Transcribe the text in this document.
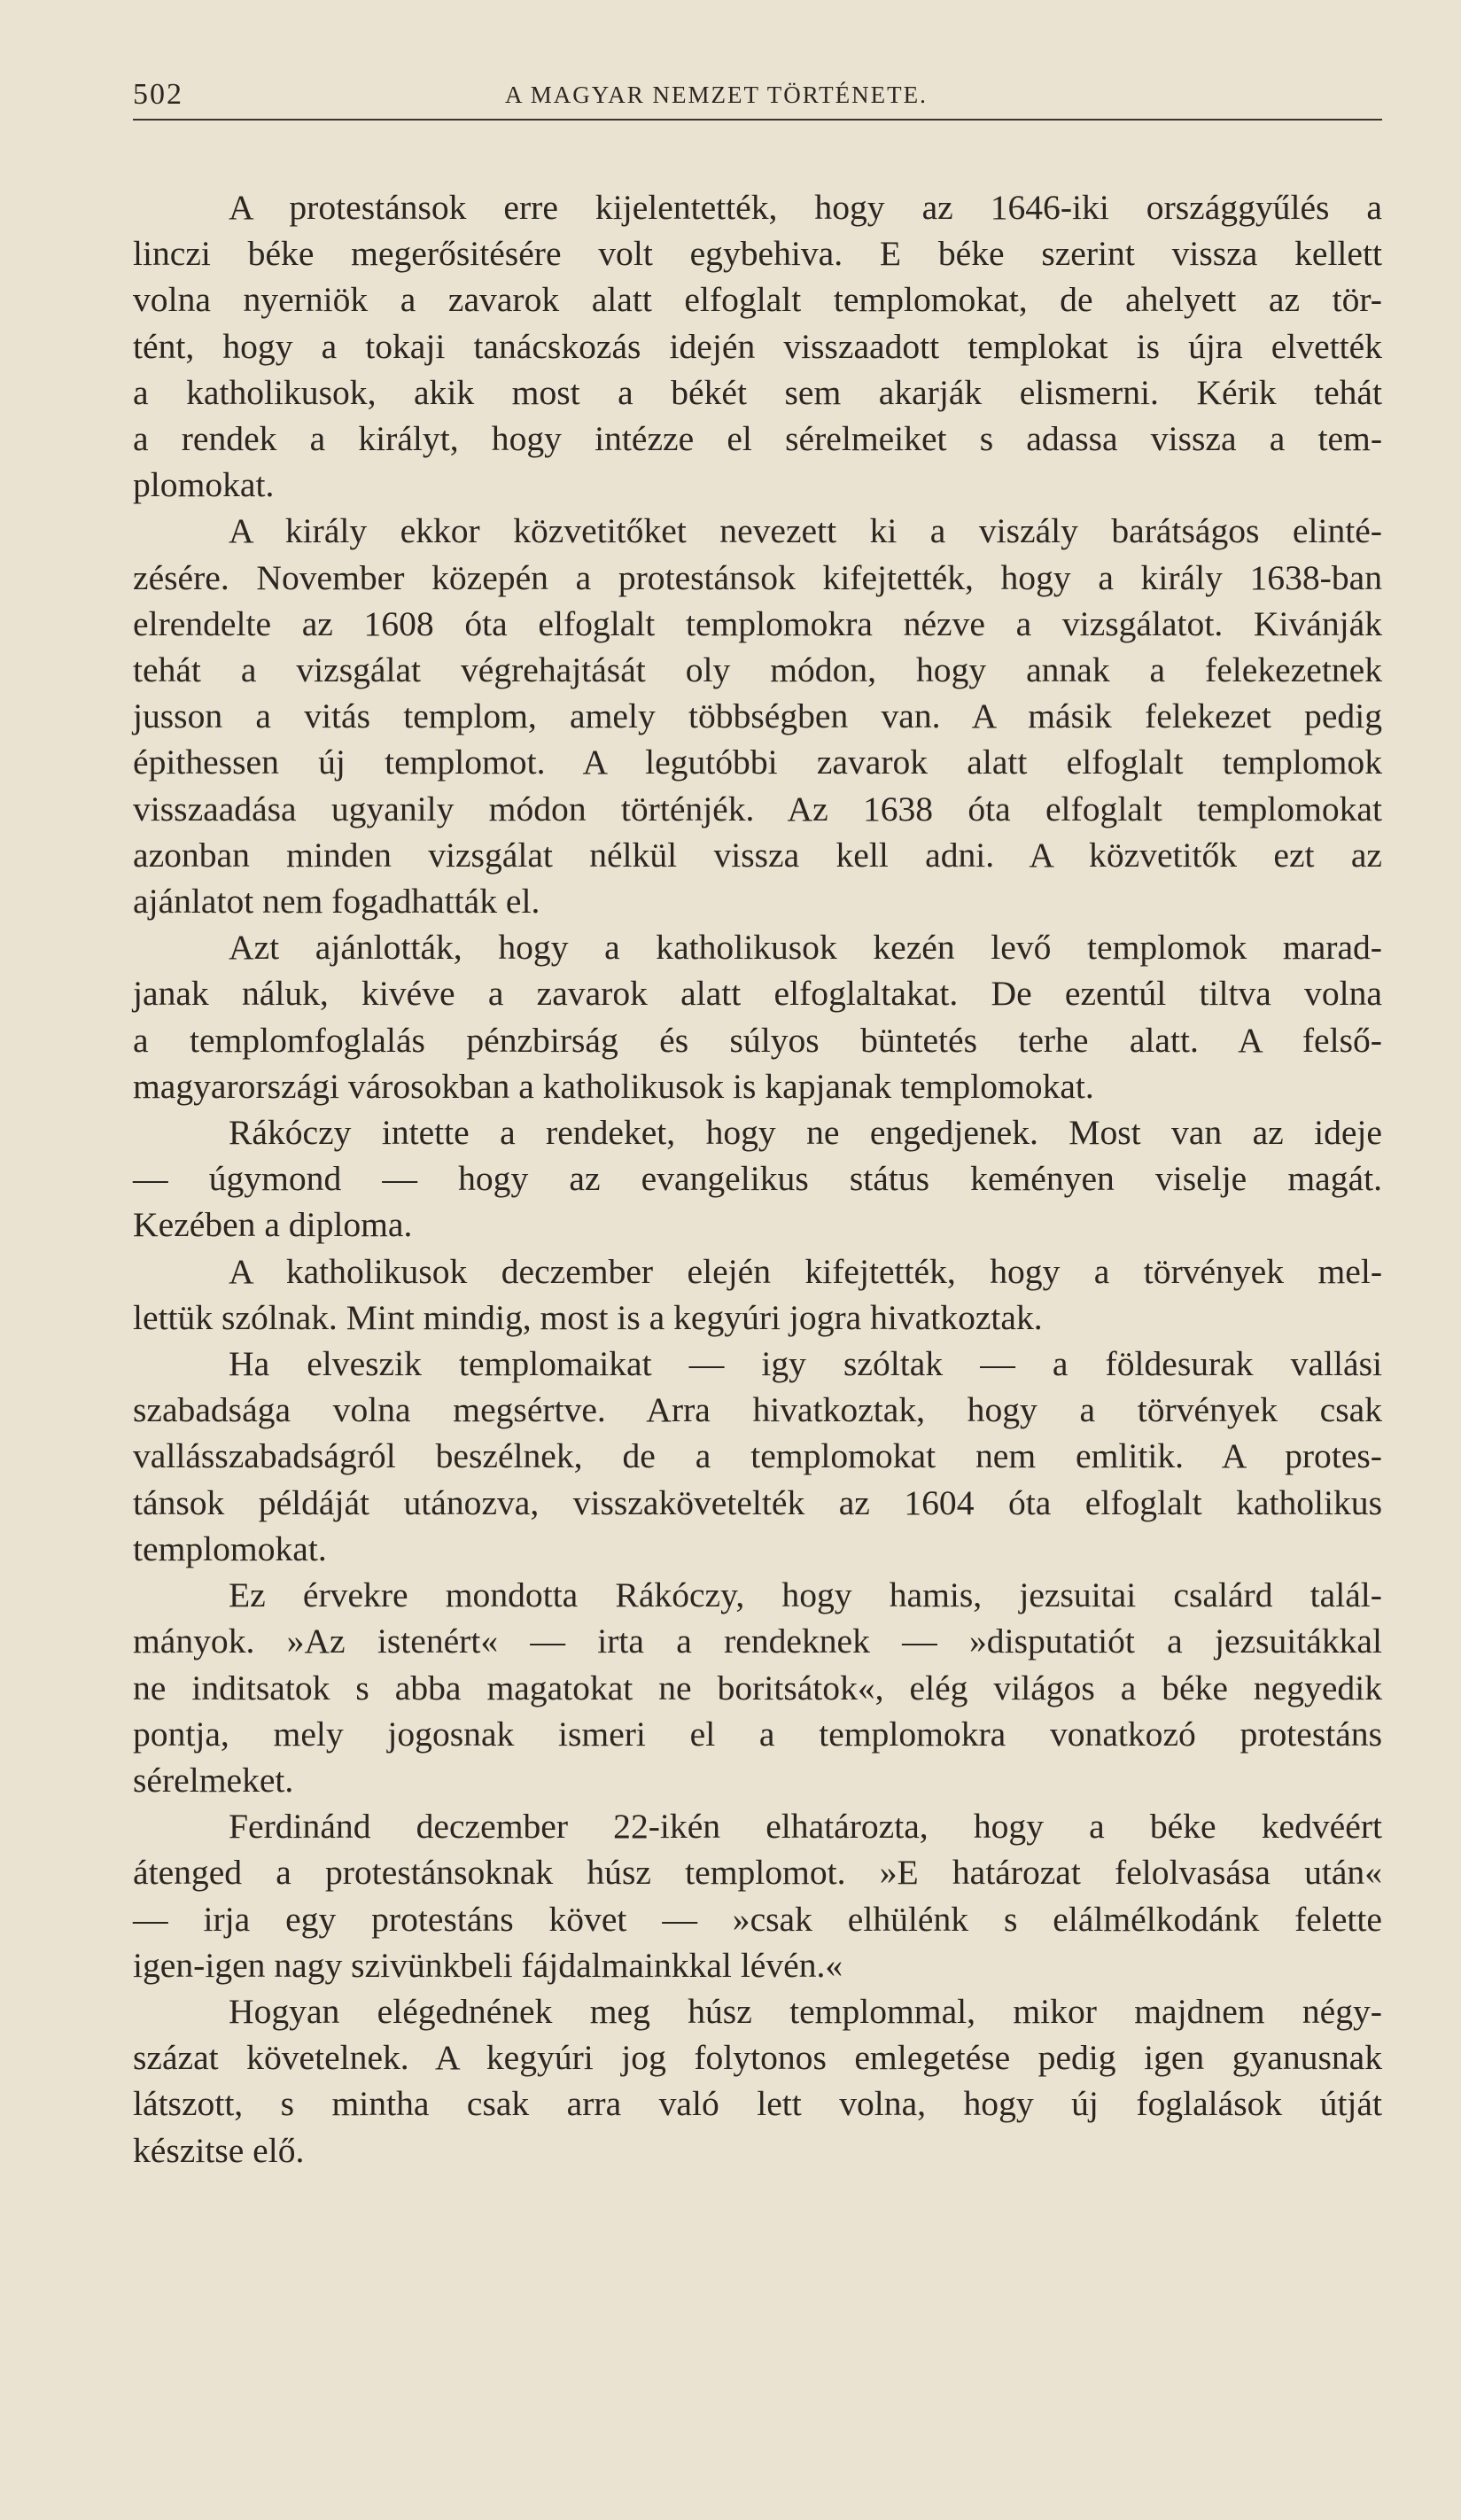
502	A MAGYAR NEMZET TÖRTÉNETE.
A protestánsok erre kijelentették, hogy az 1646-iki országgyűlés a
linczi béke megerősitésére volt egybehiva. E béke szerint vissza kellett
volna nyerniök a zavarok alatt elfoglalt templomokat, de ahelyett az tör-
tént, hogy a tokaji tanácskozás idején visszaadott templokat is újra elvették
a katholikusok, akik most a békét sem akarják elismerni. Kérik tehát
a rendek a királyt, hogy intézze el sérelmeiket s adassa vissza a tem-
plomokat.
A király ekkor közvetitőket nevezett ki a viszály barátságos elinté-
zésére. November közepén a protestánsok kifejtették, hogy a király 1638-ban
elrendelte az 1608 óta elfoglalt templomokra nézve a vizsgálatot. Kivánják
tehát a vizsgálat végrehajtását oly módon, hogy annak a felekezetnek
jusson a vitás templom, amely többségben van. A másik felekezet pedig
épithessen új templomot. A legutóbbi zavarok alatt elfoglalt templomok
visszaadása ugyanily módon történjék. Az 1638 óta elfoglalt templomokat
azonban minden vizsgálat nélkül vissza kell adni. A közvetitők ezt az
ajánlatot nem fogadhatták el.
Azt ajánlották, hogy a katholikusok kezén levő templomok marad-
janak náluk, kivéve a zavarok alatt elfoglaltakat. De ezentúl tiltva volna
a templomfoglalás pénzbirság és súlyos büntetés terhe alatt. A felső-
magyarországi városokban a katholikusok is kapjanak templomokat.
Rákóczy intette a rendeket, hogy ne engedjenek. Most van az ideje
— úgymond — hogy az evangelikus státus keményen viselje magát.
Kezében a diploma.
A katholikusok deczember elején kifejtették, hogy a törvények mel-
lettük szólnak. Mint mindig, most is a kegyúri jogra hivatkoztak.
Ha elveszik templomaikat — igy szóltak — a földesurak vallási
szabadsága volna megsértve. Arra hivatkoztak, hogy a törvények csak
vallásszabadságról beszélnek, de a templomokat nem emlitik. A protes-
tánsok példáját utánozva, visszakövetelték az 1604 óta elfoglalt katholikus
templomokat.
Ez érvekre mondotta Rákóczy, hogy hamis, jezsuitai csalárd talál-
mányok. »Az istenért« — irta a rendeknek — »disputatiót a jezsuitákkal
ne inditsatok s abba magatokat ne boritsátok«, elég világos a béke negyedik
pontja, mely jogosnak ismeri el a templomokra vonatkozó protestáns
sérelmeket.
Ferdinánd deczember 22-ikén elhatározta, hogy a béke kedvéért
átenged a protestánsoknak húsz templomot. »E határozat felolvasása után«
— irja egy protestáns követ — »csak elhülénk s elálmélkodánk felette
igen-igen nagy szivünkbeli fájdalmainkkal lévén.«
Hogyan elégednének meg húsz templommal, mikor majdnem négy-
százat követelnek. A kegyúri jog folytonos emlegetése pedig igen gyanusnak
látszott, s mintha csak arra való lett volna, hogy új foglalások útját
készitse elő.
